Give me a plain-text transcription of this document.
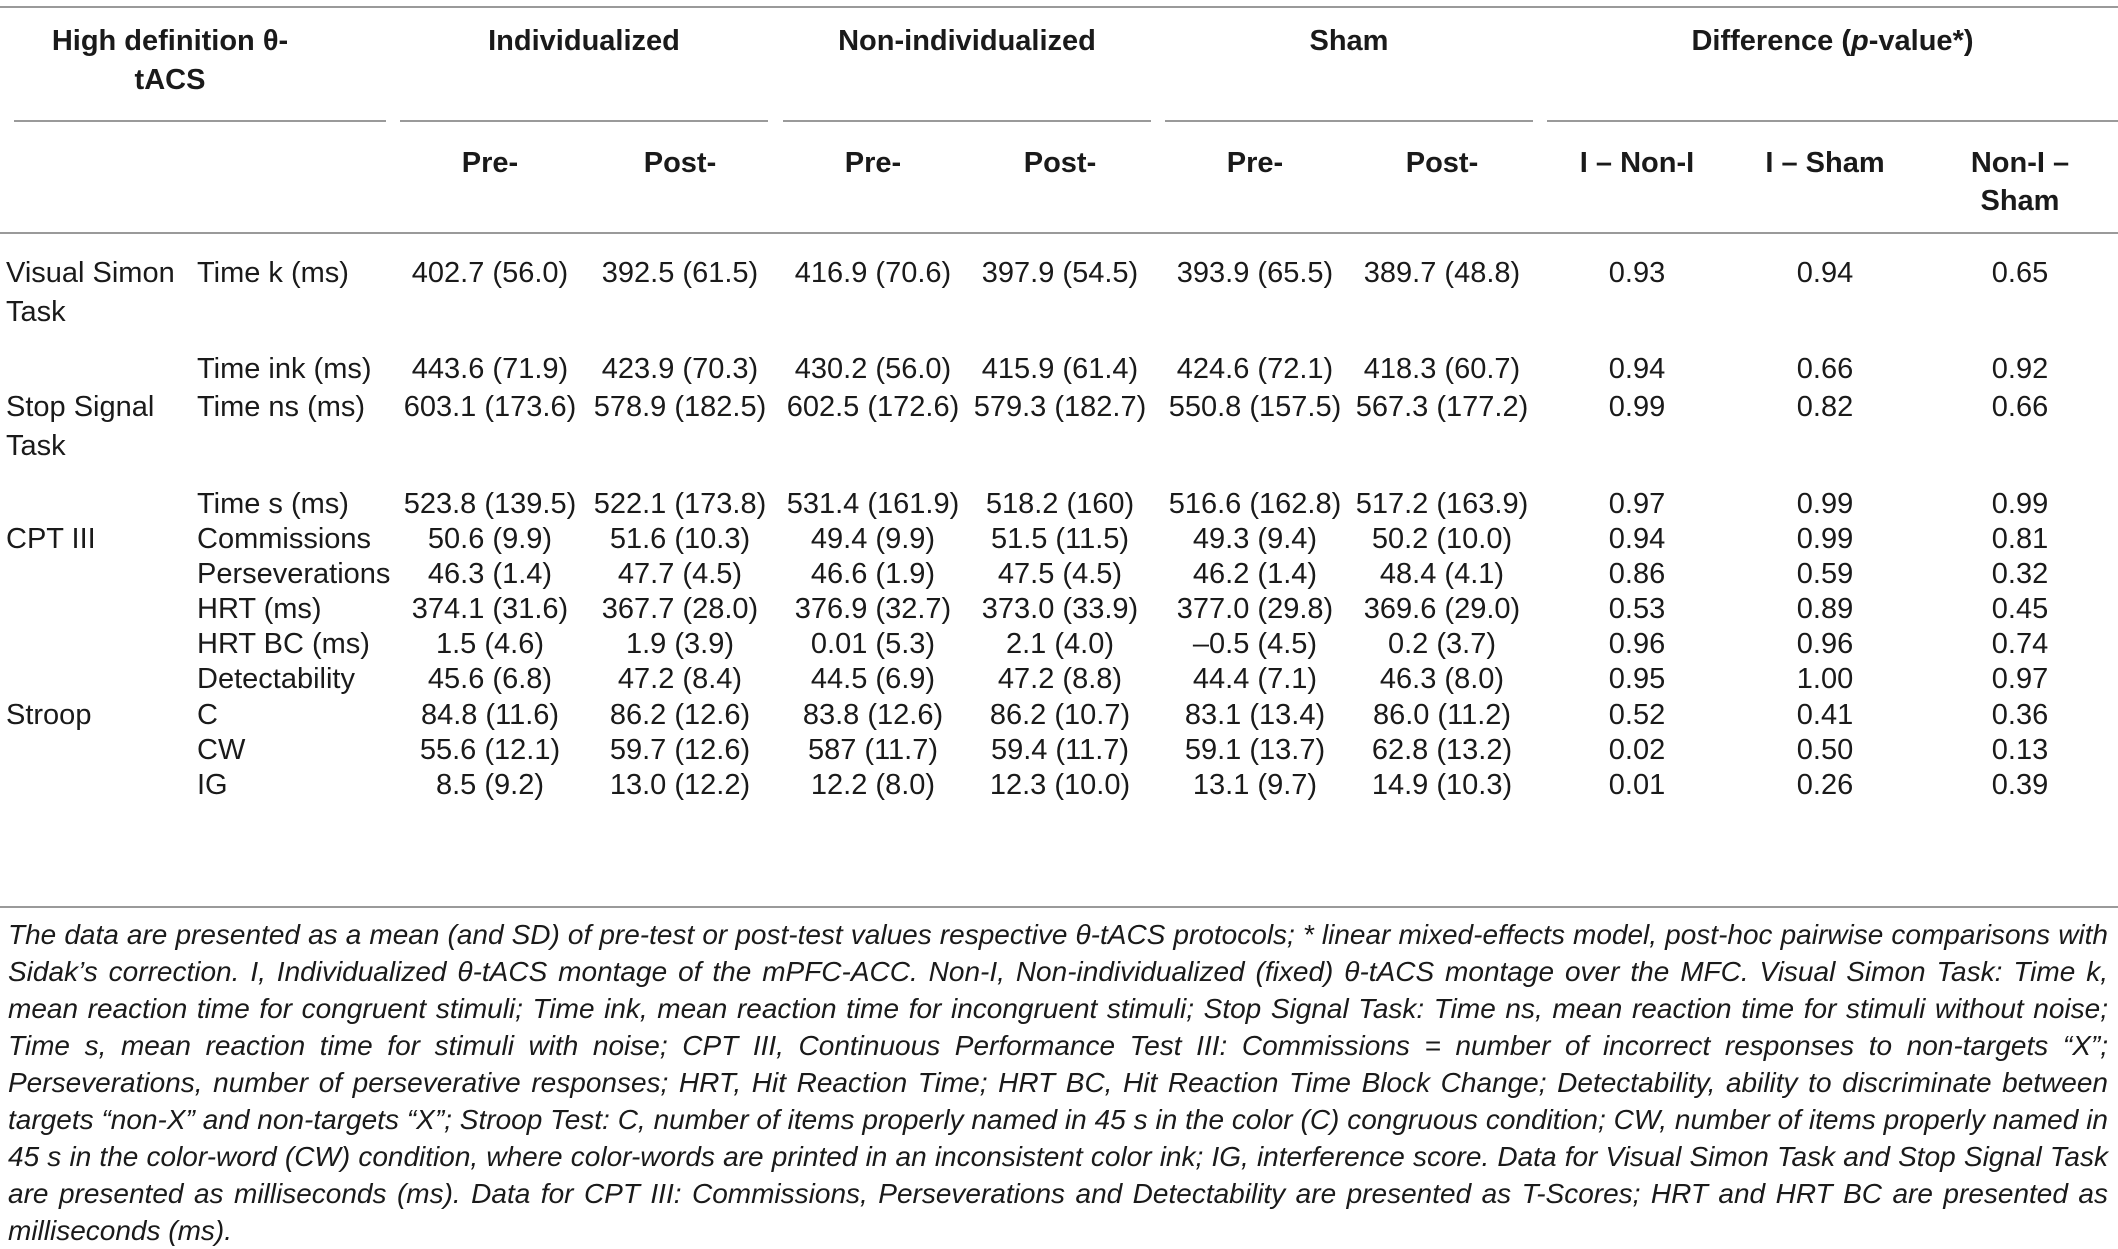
High definition θ-tACS
Individualized	Non-individualized	Sham	Difference (p-value*)
Pre-	Post-	Pre-	Post-	Pre-	Post-	I – Non-I	I – Sham	Non-I – Sham
Visual Simon Task
Time k (ms)	402.7 (56.0)	392.5 (61.5)	416.9 (70.6)	397.9 (54.5)	393.9 (65.5)	389.7 (48.8)	0.93	0.94	0.65
Time ink (ms)	443.6 (71.9)	423.9 (70.3)	430.2 (56.0)	415.9 (61.4)	424.6 (72.1)	418.3 (60.7)	0.94	0.66	0.92
Stop Signal Task
Time ns (ms) 603.1 (173.6) 578.9 (182.5) 602.5 (172.6) 579.3 (182.7) 550.8 (157.5) 567.3 (177.2)	0.99	0.82	0.66
Time s (ms) 523.8 (139.5) 522.1 (173.8) 531.4 (161.9) 518.2 (160)	516.6 (162.8) 517.2 (163.9)	0.97	0.99	0.99
CPT III	Commissions	50.6 (9.9)	51.6 (10.3)	49.4 (9.9)	51.5 (11.5)	49.3 (9.4)	50.2 (10.0)	0.94	0.99	0.81
Perseverations	46.3 (1.4)	47.7 (4.5)	46.6 (1.9)	47.5 (4.5)	46.2 (1.4)	48.4 (4.1)	0.86	0.59	0.32
HRT (ms)	374.1 (31.6)	367.7 (28.0)	376.9 (32.7)	373.0 (33.9)	377.0 (29.8)	369.6 (29.0)	0.53	0.89	0.45
HRT BC (ms)	1.5 (4.6)	1.9 (3.9)	0.01 (5.3)	2.1 (4.0)	–0.5 (4.5)	0.2 (3.7)	0.96	0.96	0.74
Detectability	45.6 (6.8)	47.2 (8.4)	44.5 (6.9)	47.2 (8.8)	44.4 (7.1)	46.3 (8.0)	0.95	1.00	0.97
Stroop	C	84.8 (11.6)	86.2 (12.6)	83.8 (12.6)	86.2 (10.7)	83.1 (13.4)	86.0 (11.2)	0.52	0.41	0.36
CW	55.6 (12.1)	59.7 (12.6)	587 (11.7)	59.4 (11.7)	59.1 (13.7)	62.8 (13.2)	0.02	0.50	0.13
IG	8.5 (9.2)	13.0 (12.2)	12.2 (8.0)	12.3 (10.0)	13.1 (9.7)	14.9 (10.3)	0.01	0.26	0.39
The data are presented as a mean (and SD) of pre-test or post-test values respective θ-tACS protocols; * linear mixed-effects model, post-hoc pairwise comparisons with Sidak’s correction. I, Individualized θ-tACS montage of the mPFC-ACC. Non-I, Non-individualized (fixed) θ-tACS montage over the MFC. Visual Simon Task: Time k, mean reaction time for congruent stimuli; Time ink, mean reaction time for incongruent stimuli; Stop Signal Task: Time ns, mean reaction time for stimuli without noise; Time s, mean reaction time for stimuli with noise; CPT III, Continuous Performance Test III: Commissions = number of incorrect responses to non-targets “X”; Perseverations, number of perseverative responses; HRT, Hit Reaction Time; HRT BC, Hit Reaction Time Block Change; Detectability, ability to discriminate between targets “non-X” and non-targets “X”; Stroop Test: C, number of items properly named in 45 s in the color (C) congruous condition; CW, number of items properly named in 45 s in the color-word (CW) condition, where color-words are printed in an inconsistent color ink; IG, interference score. Data for Visual Simon Task and Stop Signal Task are presented as milliseconds (ms). Data for CPT III: Commissions, Perseverations and Detectability are presented as T-Scores; HRT and HRT BC are presented as milliseconds (ms).
